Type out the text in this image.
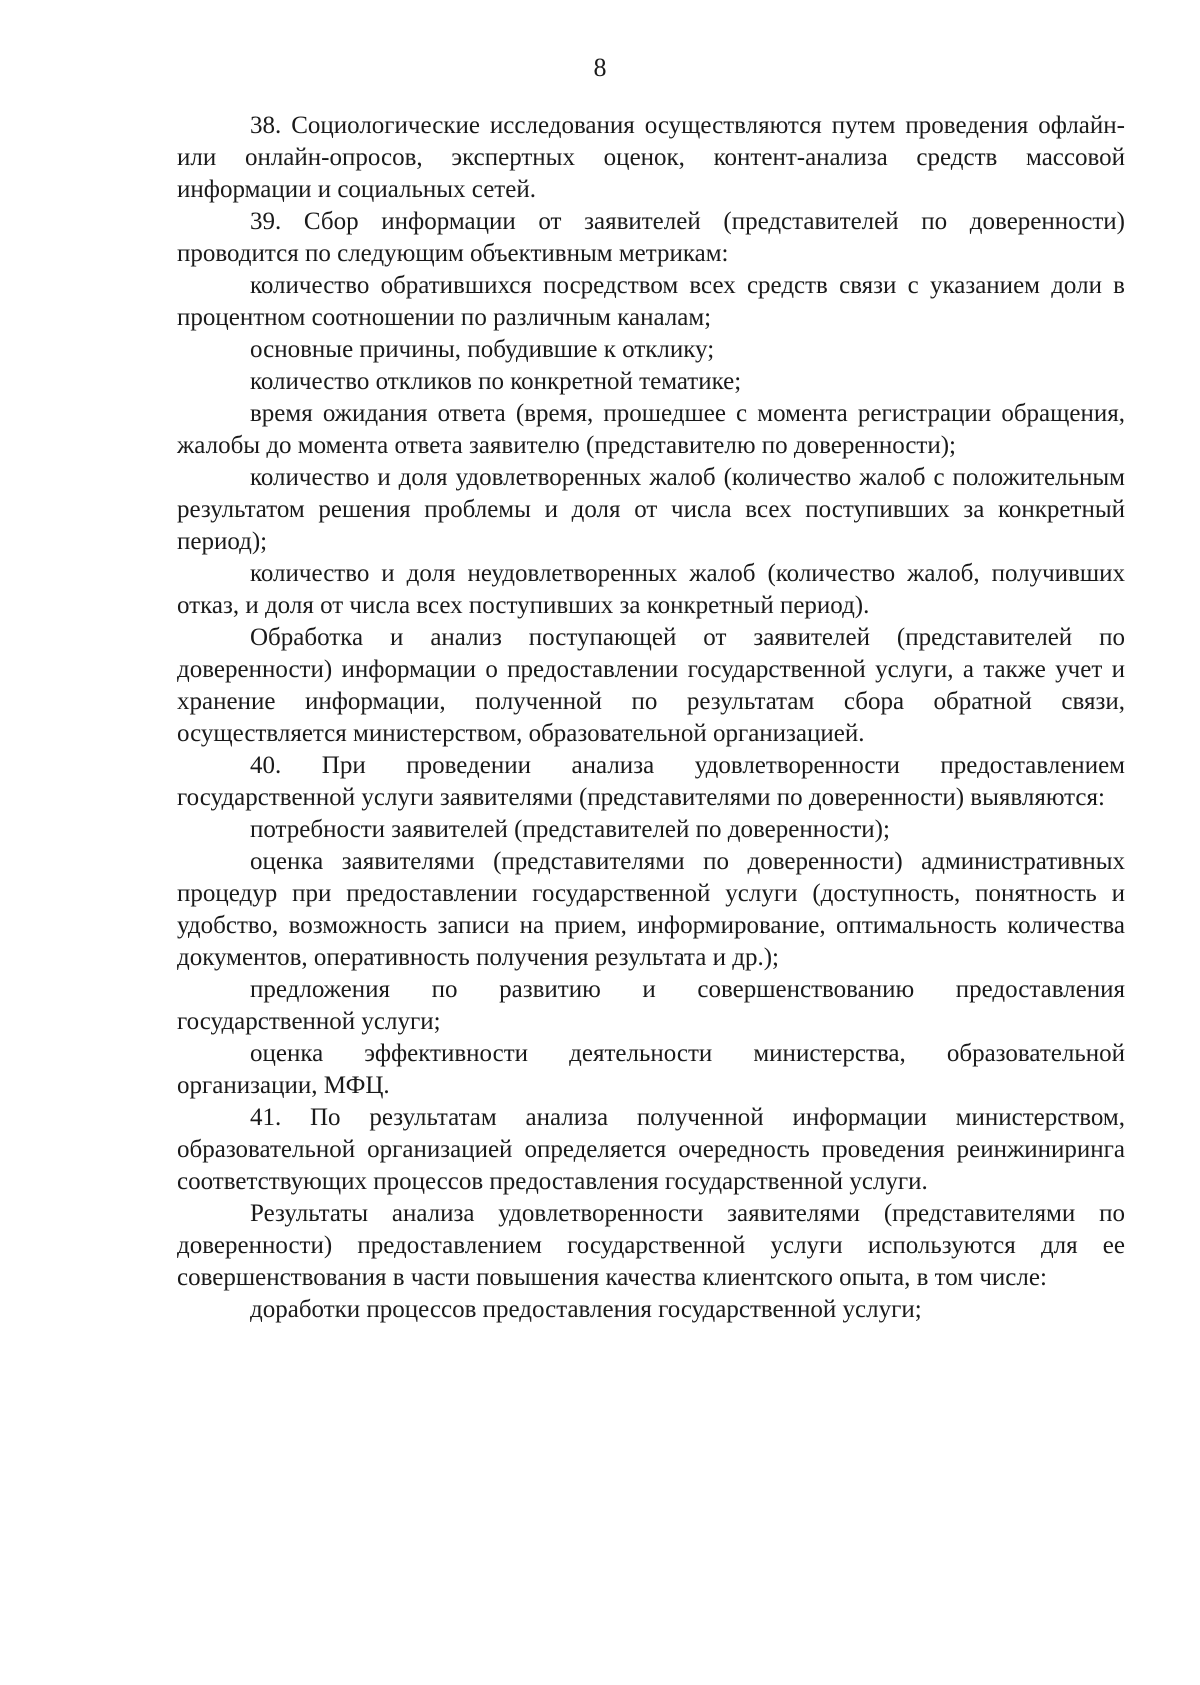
8

38. Социологические исследования осуществляются путем проведения офлайн- или онлайн-опросов, экспертных оценок, контент-анализа средств массовой информации и социальных сетей.

39. Сбор информации от заявителей (представителей по доверенности) проводится по следующим объективным метрикам:

количество обратившихся посредством всех средств связи с указанием доли в процентном соотношении по различным каналам;

основные причины, побудившие к отклику;

количество откликов по конкретной тематике;

время ожидания ответа (время, прошедшее с момента регистрации обращения, жалобы до момента ответа заявителю (представителю по доверенности);

количество и доля удовлетворенных жалоб (количество жалоб с положительным результатом решения проблемы и доля от числа всех поступивших за конкретный период);

количество и доля неудовлетворенных жалоб (количество жалоб, получивших отказ, и доля от числа всех поступивших за конкретный период).

Обработка и анализ поступающей от заявителей (представителей по доверенности) информации о предоставлении государственной услуги, а также учет и хранение информации, полученной по результатам сбора обратной связи, осуществляется министерством, образовательной организацией.

40. При проведении анализа удовлетворенности предоставлением государственной услуги заявителями (представителями по доверенности) выявляются:

потребности заявителей (представителей по доверенности);

оценка заявителями (представителями по доверенности) административных процедур при предоставлении государственной услуги (доступность, понятность и удобство, возможность записи на прием, информирование, оптимальность количества документов, оперативность получения результата и др.);

предложения по развитию и совершенствованию предоставления государственной услуги;

оценка эффективности деятельности министерства, образовательной организации, МФЦ.

41. По результатам анализа полученной информации министерством, образовательной организацией определяется очередность проведения реинжиниринга соответствующих процессов предоставления государственной услуги.

Результаты анализа удовлетворенности заявителями (представителями по доверенности) предоставлением государственной услуги используются для ее совершенствования в части повышения качества клиентского опыта, в том числе:

доработки процессов предоставления государственной услуги;
